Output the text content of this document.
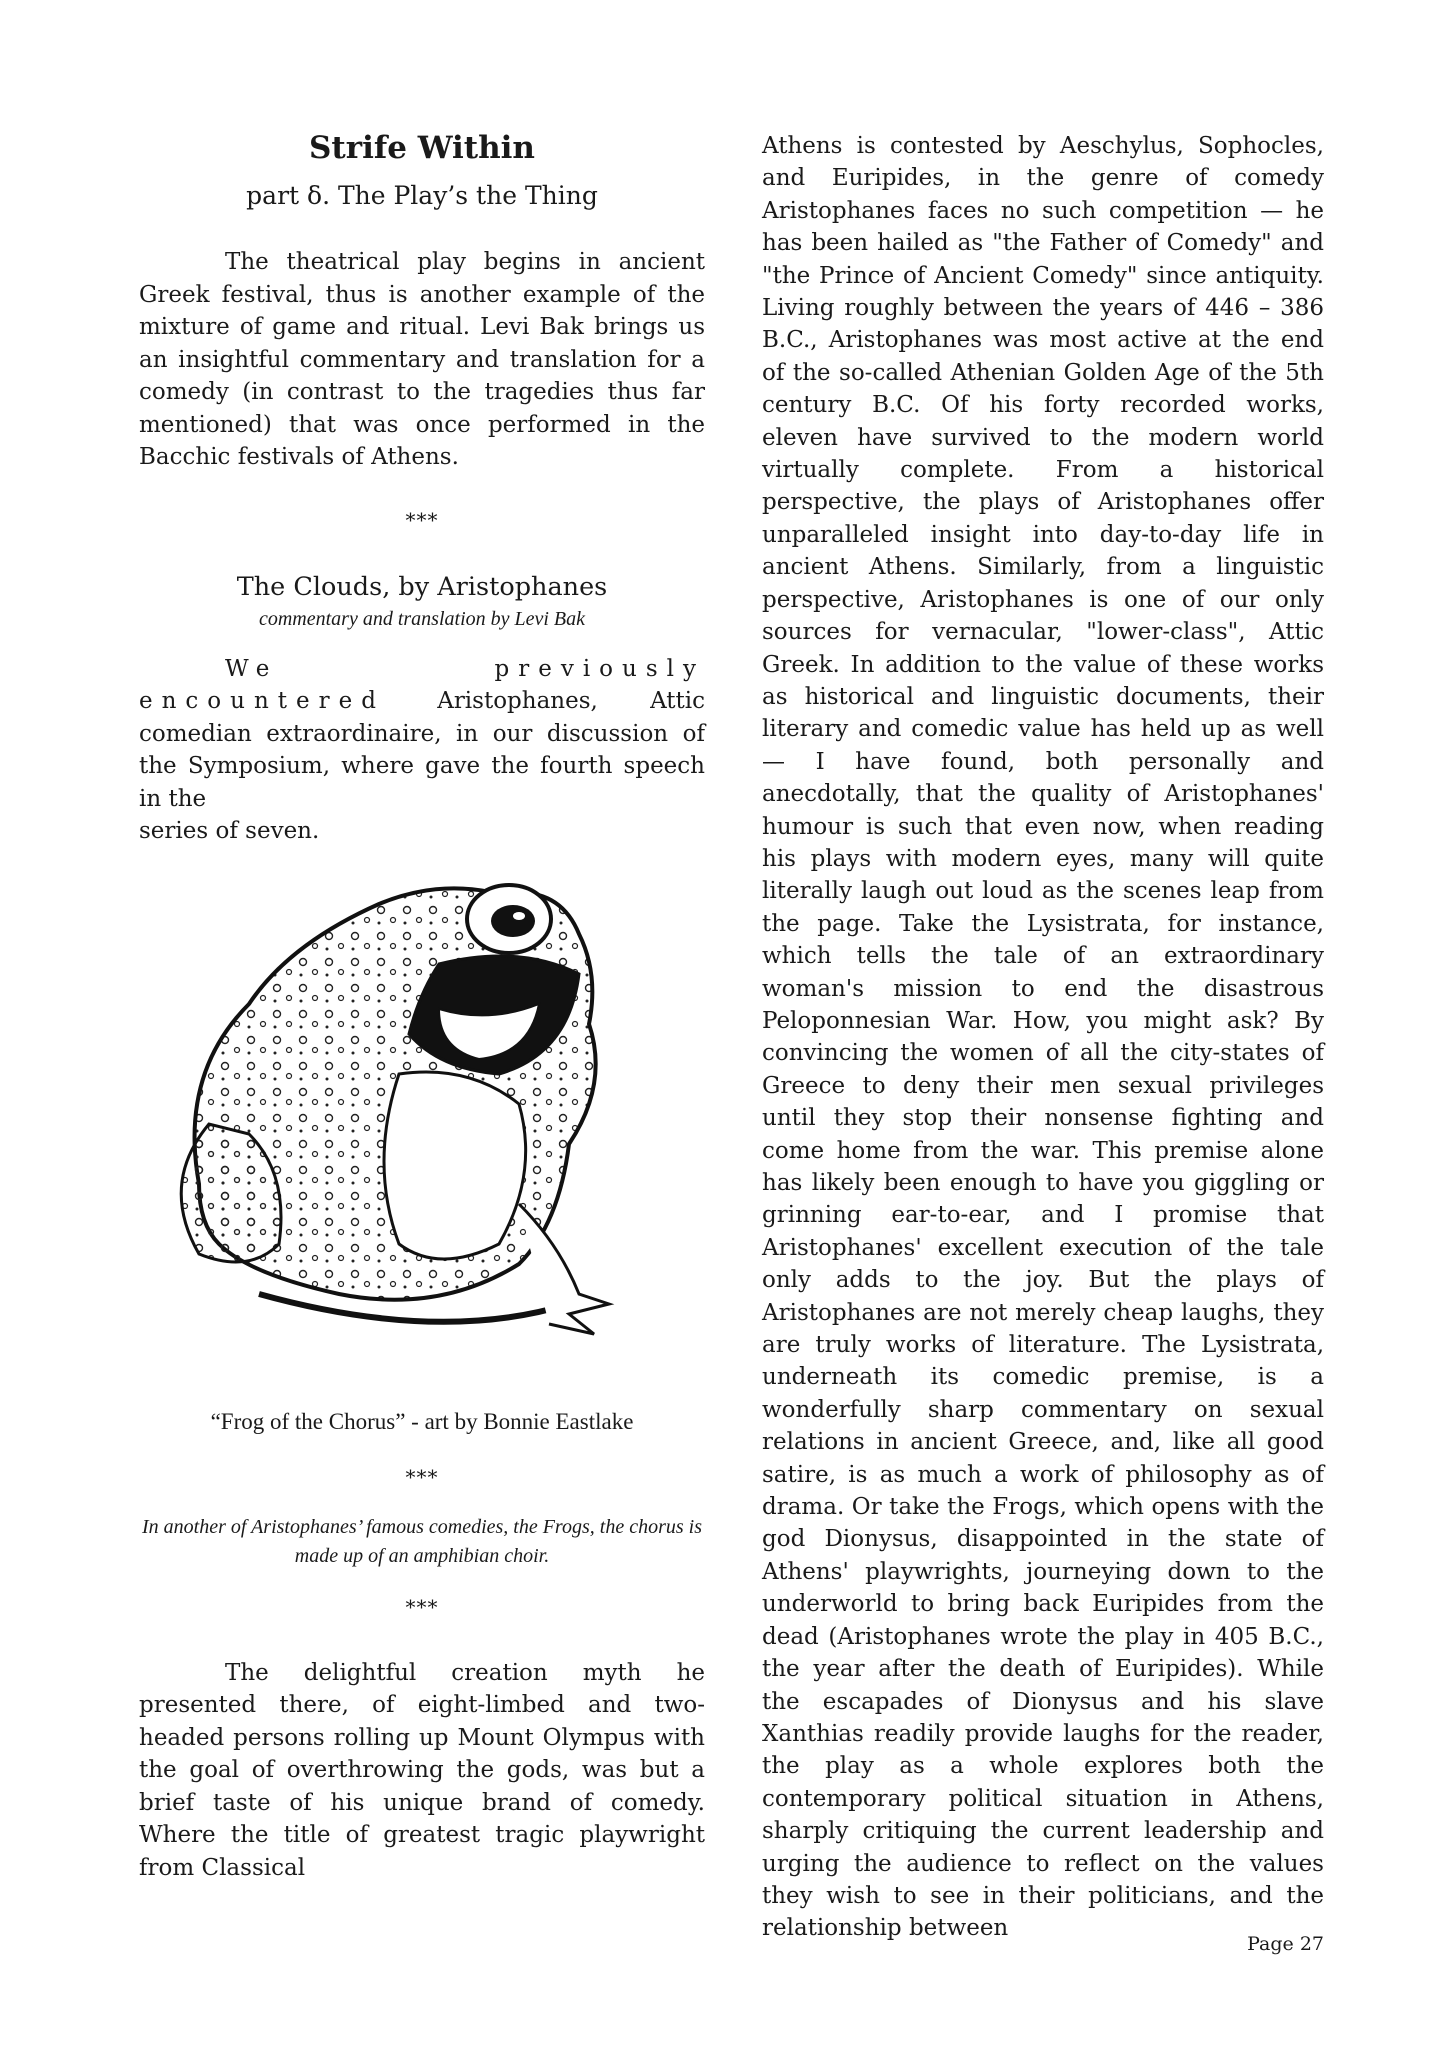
Strife Within
part δ. The Play’s the Thing

The theatrical play begins in ancient Greek festival, thus is another example of the mixture of game and ritual. Levi Bak brings us an insightful commentary and translation for a comedy (in contrast to the tragedies thus far mentioned) that was once performed in the Bacchic festivals of Athens.

***
The Clouds, by Aristophanes
commentary and translation by Levi Bak

We previously encountered Aristophanes, Attic comedian extraordinaire, in our discussion of the Symposium, where gave the fourth speech in the

series of seven.

“Frog of the Chorus” - art by Bonnie Eastlake
***
In another of Aristophanes’ famous comedies, the Frogs, the chorus is made up of an amphibian choir.
***

The delightful creation myth he presented there, of eight-limbed and two-headed persons rolling up Mount Olympus with the goal of overthrowing the gods, was but a brief taste of his unique brand of comedy. Where the title of greatest tragic playwright from Classical

Athens is contested by Aeschylus, Sophocles, and Euripides, in the genre of comedy Aristophanes faces no such competition — he has been hailed as "the Father of Comedy" and "the Prince of Ancient Comedy" since antiquity. Living roughly between the years of 446 – 386 B.C., Aristophanes was most active at the end of the so-called Athenian Golden Age of the 5th century B.C. Of his forty recorded works, eleven have survived to the modern world virtually complete. From a historical perspective, the plays of Aristophanes offer unparalleled insight into day-to-day life in ancient Athens. Similarly, from a linguistic perspective, Aristophanes is one of our only sources for vernacular, "lower-class", Attic Greek. In addition to the value of these works as historical and linguistic documents, their literary and comedic value has held up as well — I have found, both personally and anecdotally, that the quality of Aristophanes' humour is such that even now, when reading his plays with modern eyes, many will quite literally laugh out loud as the scenes leap from the page. Take the Lysistrata, for instance, which tells the tale of an extraordinary woman's mission to end the disastrous Peloponnesian War. How, you might ask? By convincing the women of all the city-states of Greece to deny their men sexual privileges until they stop their nonsense fighting and come home from the war. This premise alone has likely been enough to have you giggling or grinning ear-to-ear, and I promise that Aristophanes' excellent execution of the tale only adds to the joy. But the plays of Aristophanes are not merely cheap laughs, they are truly works of literature. The Lysistrata, underneath its comedic premise, is a wonderfully sharp commentary on sexual relations in ancient Greece, and, like all good satire, is as much a work of philosophy as of drama. Or take the Frogs, which opens with the god Dionysus, disappointed in the state of Athens' playwrights, journeying down to the underworld to bring back Euripides from the dead (Aristophanes wrote the play in 405 B.C., the year after the death of Euripides). While the escapades of Dionysus and his slave Xanthias readily provide laughs for the reader, the play as a whole explores both the contemporary political situation in Athens, sharply critiquing the current leadership and urging the audience to reflect on the values they wish to see in their politicians, and the relationship between

Page 27
